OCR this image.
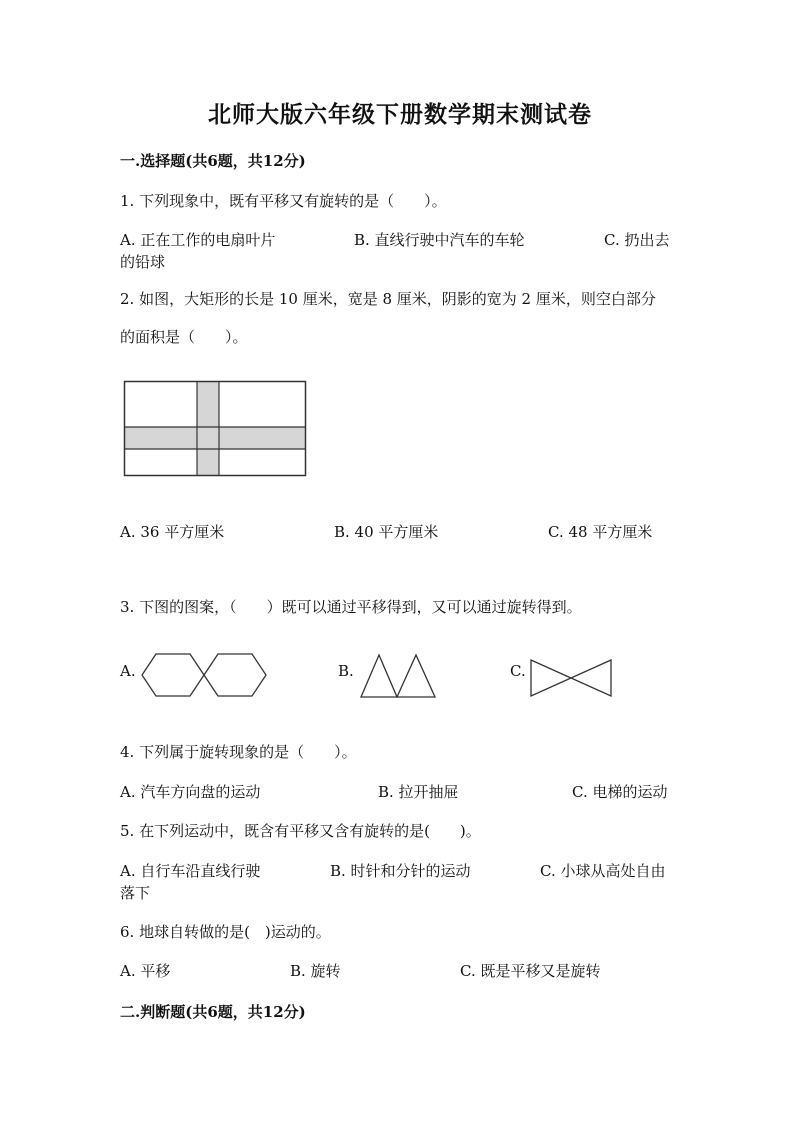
北师大版六年级下册数学期末测试卷
一.选择题(共6题，共12分)
1. 下列现象中，既有平移又有旋转的是（　　）。
A. 正在工作的电扇叶片	B. 直线行驶中汽车的车轮	C. 扔出去
的铅球
2. 如图，大矩形的长是 10 厘米，宽是 8 厘米，阴影的宽为 2 厘米，则空白部分
的面积是（　　）。
A. 36 平方厘米	B. 40 平方厘米	C. 48 平方厘米
3. 下图的图案，（　　）既可以通过平移得到，又可以通过旋转得到。
A.	B.	C.
4. 下列属于旋转现象的是（　　）。
A. 汽车方向盘的运动	B. 拉开抽屉	C. 电梯的运动
5. 在下列运动中，既含有平移又含有旋转的是(　　)。
A. 自行车沿直线行驶	B. 时针和分针的运动	C. 小球从高处自由
落下
6. 地球自转做的是(　)运动的。
A. 平移	B. 旋转	C. 既是平移又是旋转
二.判断题(共6题，共12分)
